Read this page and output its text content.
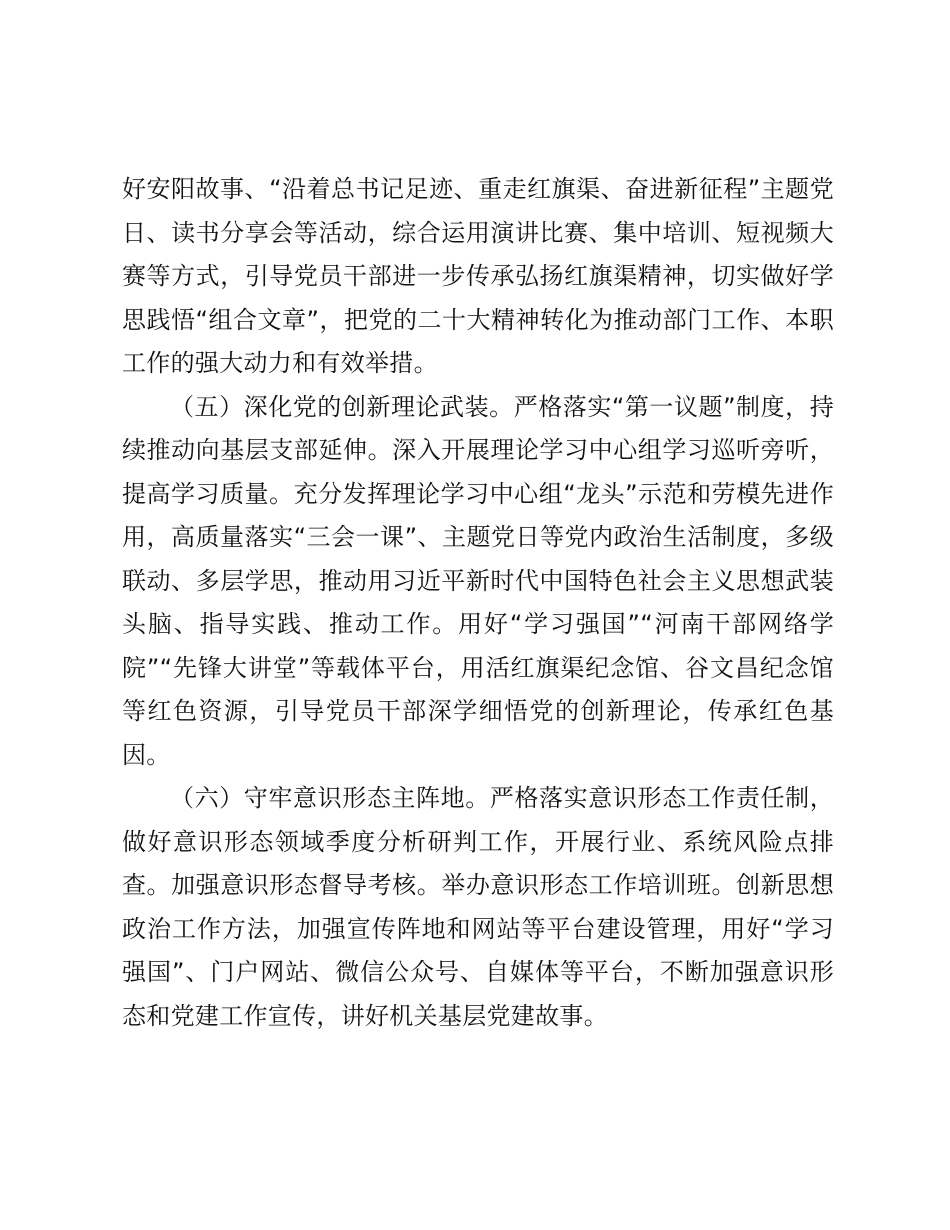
好安阳故事、“沿着总书记足迹、重走红旗渠、奋进新征程”主题党日、读书分享会等活动，综合运用演讲比赛、集中培训、短视频大赛等方式，引导党员干部进一步传承弘扬红旗渠精神，切实做好学思践悟“组合文章”，把党的二十大精神转化为推动部门工作、本职工作的强大动力和有效举措。

（五）深化党的创新理论武装。严格落实“第一议题”制度，持续推动向基层支部延伸。深入开展理论学习中心组学习巡听旁听，提高学习质量。充分发挥理论学习中心组“龙头”示范和劳模先进作用，高质量落实“三会一课”、主题党日等党内政治生活制度，多级联动、多层学思，推动用习近平新时代中国特色社会主义思想武装头脑、指导实践、推动工作。用好“学习强国”“河南干部网络学院”“先锋大讲堂”等载体平台，用活红旗渠纪念馆、谷文昌纪念馆等红色资源，引导党员干部深学细悟党的创新理论，传承红色基因。

（六）守牢意识形态主阵地。严格落实意识形态工作责任制，做好意识形态领域季度分析研判工作，开展行业、系统风险点排查。加强意识形态督导考核。举办意识形态工作培训班。创新思想政治工作方法，加强宣传阵地和网站等平台建设管理，用好“学习强国”、门户网站、微信公众号、自媒体等平台，不断加强意识形态和党建工作宣传，讲好机关基层党建故事。
